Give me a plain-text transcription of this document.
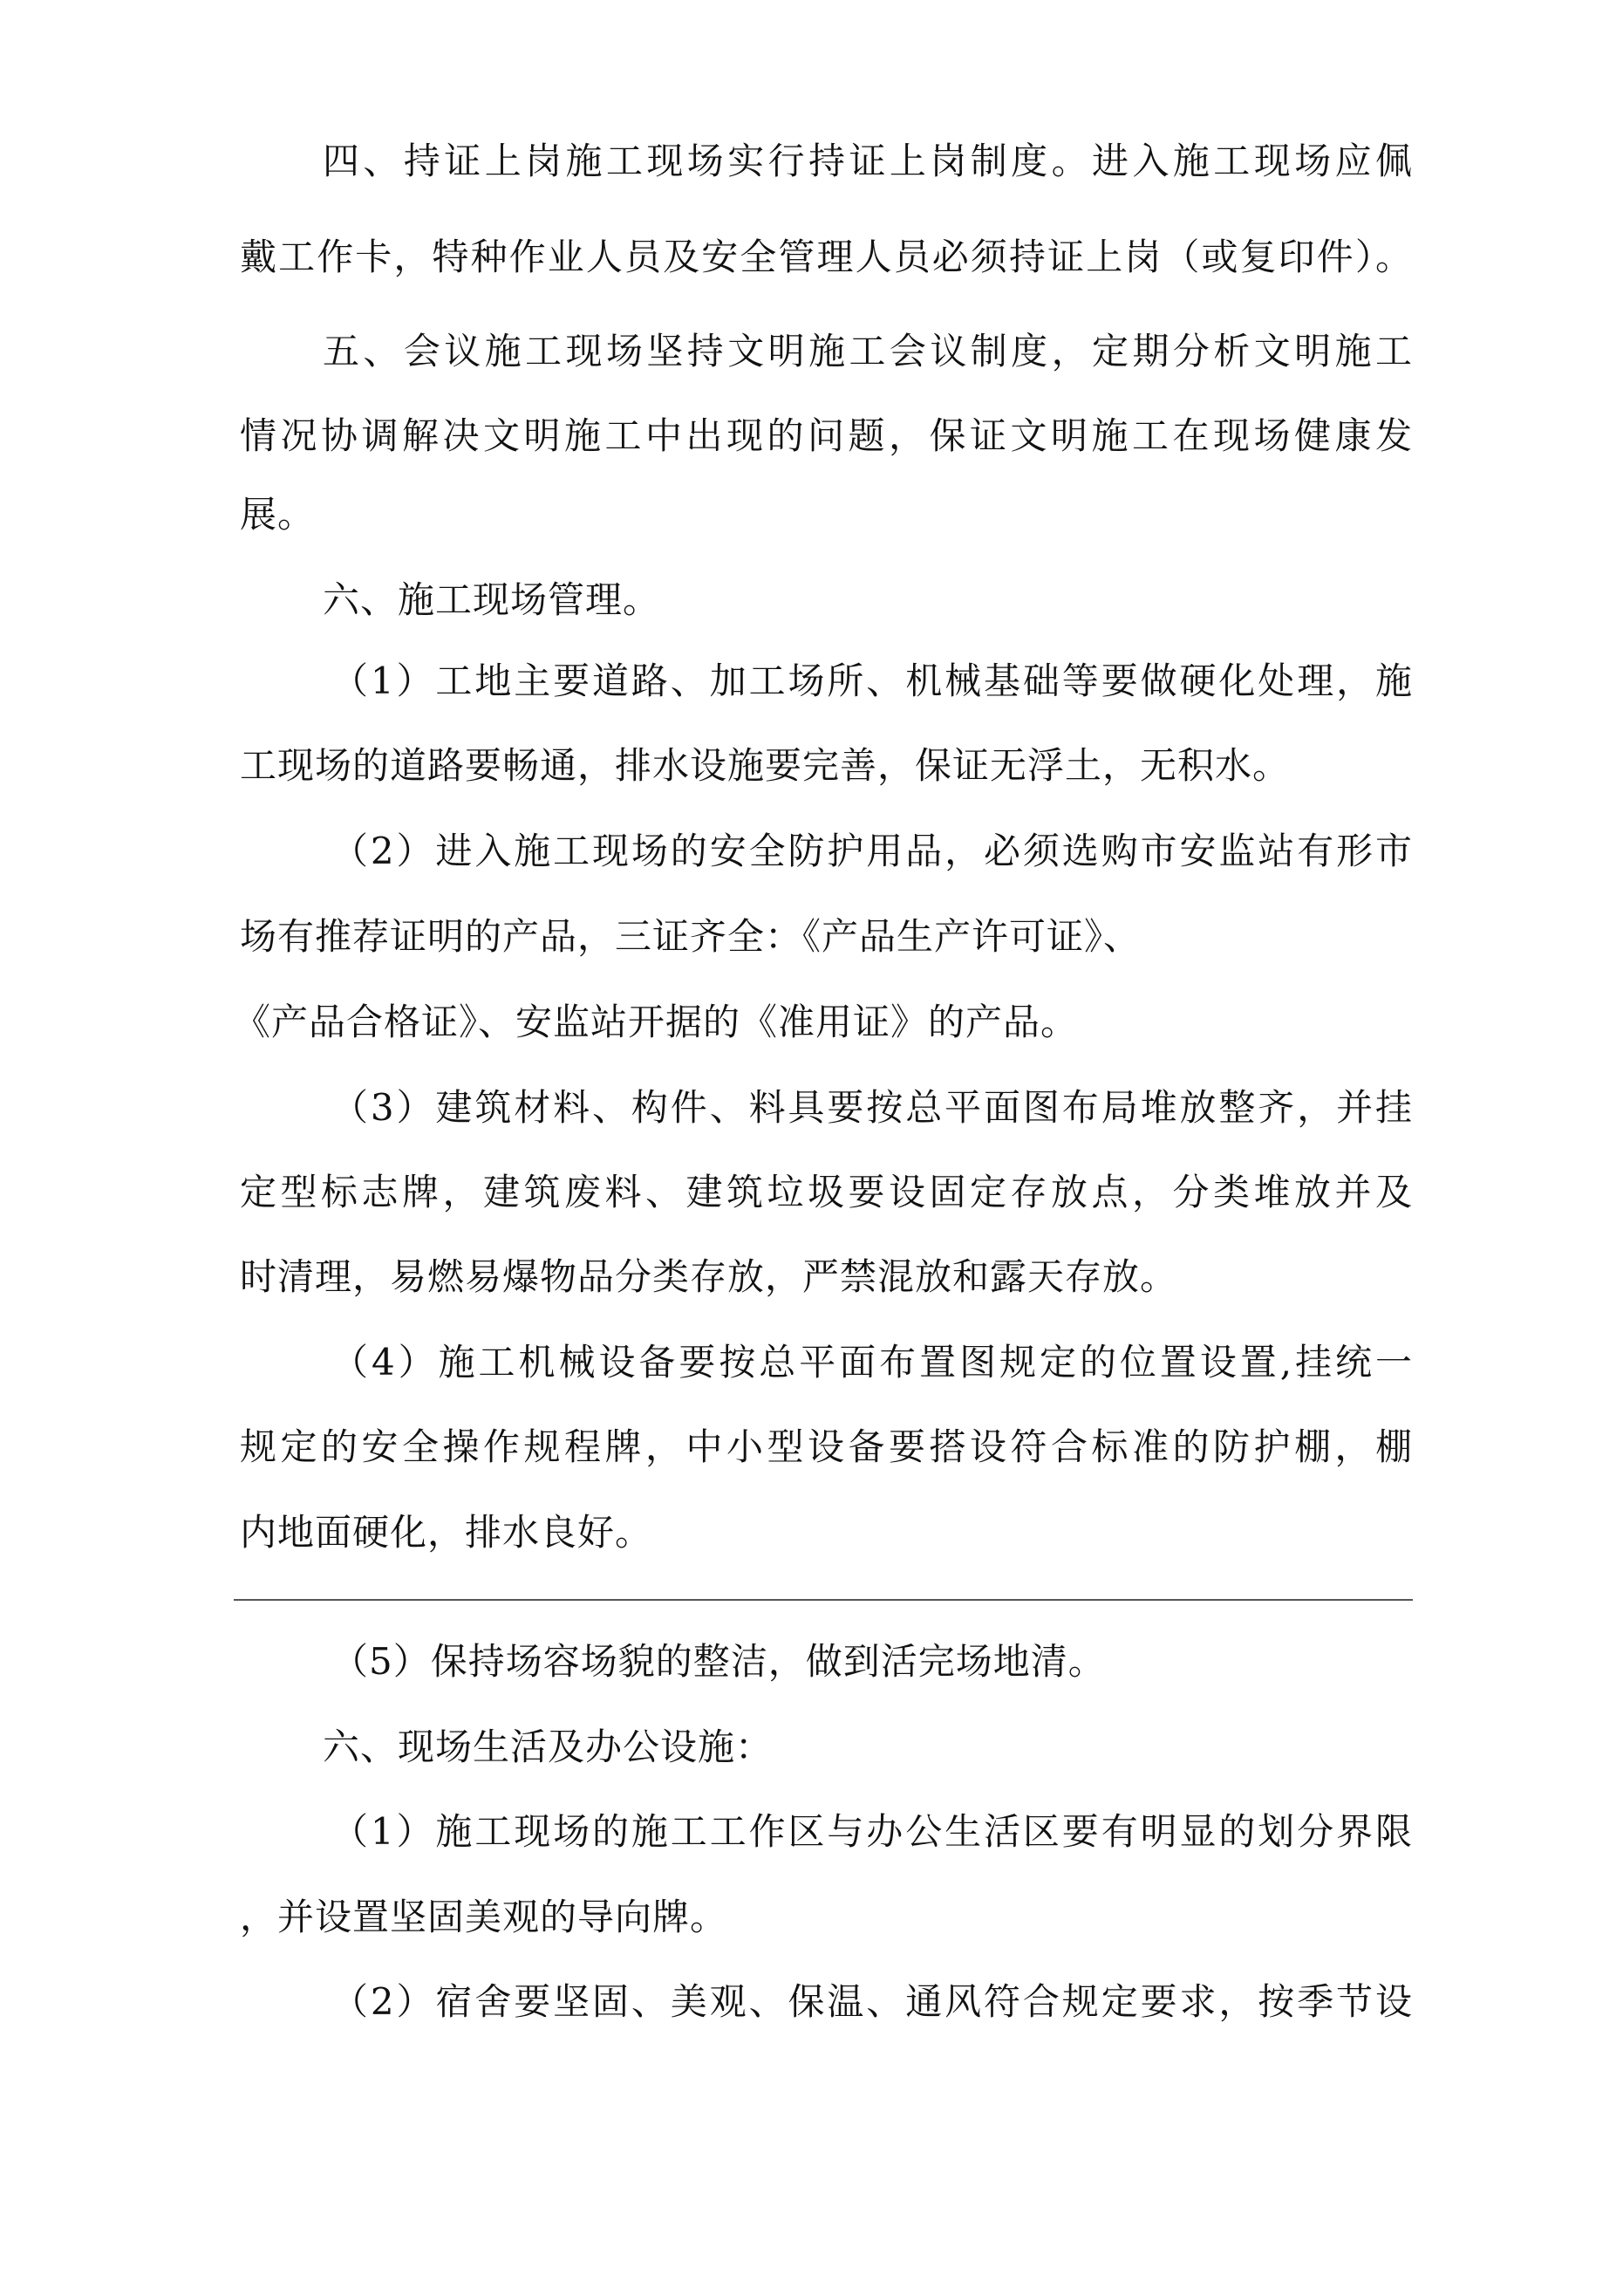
四、持证上岗施工现场实行持证上岗制度。进入施工现场应佩
戴工作卡，特种作业人员及安全管理人员必须持证上岗（或复印件）。
五、会议施工现场坚持文明施工会议制度，定期分析文明施工
情况协调解决文明施工中出现的问题，保证文明施工在现场健康发
展。
六、施工现场管理。
（1）工地主要道路、加工场所、机械基础等要做硬化处理，施
工现场的道路要畅通，排水设施要完善，保证无浮土，无积水。
（2）进入施工现场的安全防护用品，必须选购市安监站有形市
场有推荐证明的产品，三证齐全：《产品生产许可证》、
《产品合格证》、安监站开据的《准用证》的产品。
（3）建筑材料、构件、料具要按总平面图布局堆放整齐，并挂
定型标志牌，建筑废料、建筑垃圾要设固定存放点，分类堆放并及
时清理，易燃易爆物品分类存放，严禁混放和露天存放。
（4）施工机械设备要按总平面布置图规定的位置设置,挂统一
规定的安全操作规程牌，中小型设备要搭设符合标准的防护棚，棚
内地面硬化，排水良好。
（5）保持场容场貌的整洁，做到活完场地清。
六、现场生活及办公设施：
（1）施工现场的施工工作区与办公生活区要有明显的划分界限
，并设置坚固美观的导向牌。
（2）宿舍要坚固、美观、保温、通风符合规定要求，按季节设
